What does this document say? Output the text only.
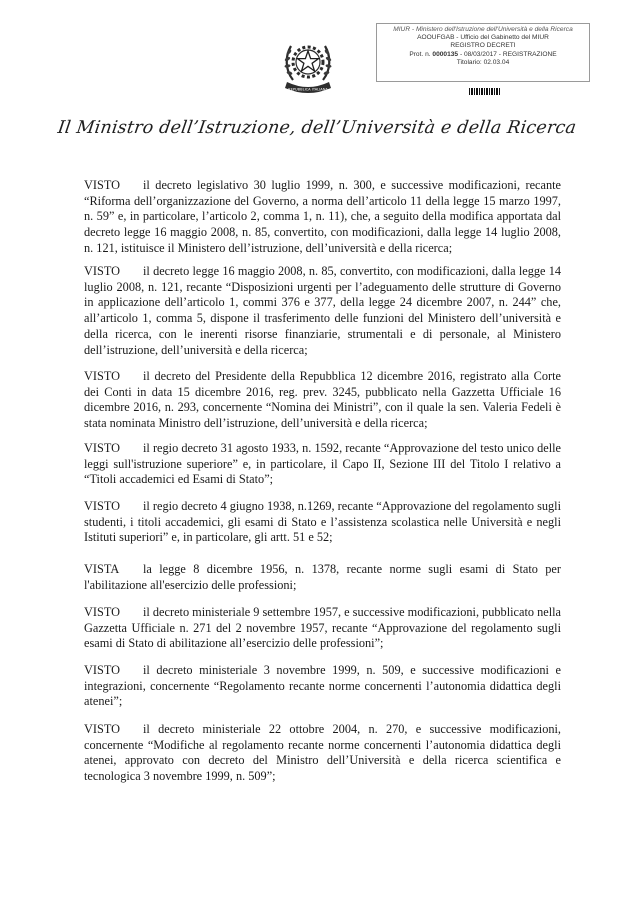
REPUBBLICA ITALIANA
MIUR - Ministero dell'Istruzione dell'Università e della Ricerca
AOOUFGAB - Ufficio del Gabinetto del MIUR
REGISTRO DECRETI
Prot. n. 0000135 - 08/03/2017 - REGISTRAZIONE
Titolario: 02.03.04
Il Ministro dell’Istruzione, dell’Università e della Ricerca
VISTO il decreto legislativo 30 luglio 1999, n. 300, e successive modificazioni, recante “Riforma dell’organizzazione del Governo, a norma dell’articolo 11 della legge 15 marzo 1997, n. 59” e, in particolare, l’articolo 2, comma 1, n. 11), che, a seguito della modifica apportata dal decreto legge 16 maggio 2008, n. 85, convertito, con modificazioni, dalla legge 14 luglio 2008, n. 121, istituisce il Ministero dell’istruzione, dell’università e della ricerca;
VISTO il decreto legge 16 maggio 2008, n. 85, convertito, con modificazioni, dalla legge 14 luglio 2008, n. 121, recante “Disposizioni urgenti per l’adeguamento delle strutture di Governo in applicazione dell’articolo 1, commi 376 e 377, della legge 24 dicembre 2007, n. 244” che, all’articolo 1, comma 5, dispone il trasferimento delle funzioni del Ministero dell’università e della ricerca, con le inerenti risorse finanziarie, strumentali e di personale, al Ministero dell’istruzione, dell’università e della ricerca;
VISTO il decreto del Presidente della Repubblica 12 dicembre 2016, registrato alla Corte dei Conti in data 15 dicembre 2016, reg. prev. 3245, pubblicato nella Gazzetta Ufficiale 16 dicembre 2016, n. 293, concernente “Nomina dei Ministri”, con il quale la sen. Valeria Fedeli è stata nominata Ministro dell’istruzione, dell’università e della ricerca;
VISTO il regio decreto 31 agosto 1933, n. 1592, recante “Approvazione del testo unico delle leggi sull'istruzione superiore” e, in particolare, il Capo II, Sezione III del Titolo I relativo a “Titoli accademici ed Esami di Stato”;
VISTO il regio decreto 4 giugno 1938, n.1269, recante “Approvazione del regolamento sugli studenti, i titoli accademici, gli esami di Stato e l’assistenza scolastica nelle Università e negli Istituti superiori” e, in particolare, gli artt. 51 e 52;
VISTA la legge 8 dicembre 1956, n. 1378, recante norme sugli esami di Stato per l'abilitazione all'esercizio delle professioni;
VISTO il decreto ministeriale 9 settembre 1957, e successive modificazioni, pubblicato nella Gazzetta Ufficiale n. 271 del 2 novembre 1957, recante “Approvazione del regolamento sugli esami di Stato di abilitazione all’esercizio delle professioni”;
VISTO il decreto ministeriale 3 novembre 1999, n. 509, e successive modificazioni e integrazioni, concernente “Regolamento recante norme concernenti l’autonomia didattica degli atenei”;
VISTO il decreto ministeriale 22 ottobre 2004, n. 270, e successive modificazioni, concernente “Modifiche al regolamento recante norme concernenti l’autonomia didattica degli atenei, approvato con decreto del Ministro dell’Università e della ricerca scientifica e tecnologica 3 novembre 1999, n. 509”;
